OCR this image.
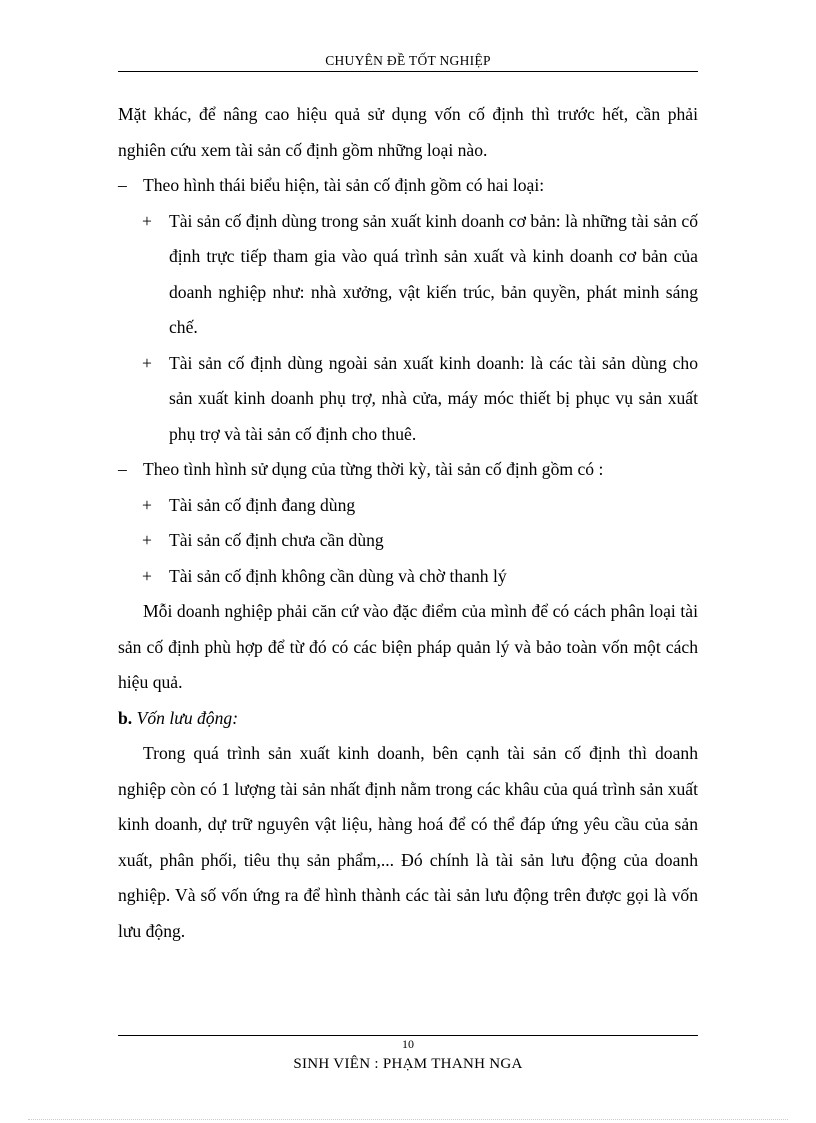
CHUYÊN ĐỀ TỐT NGHIỆP

Mặt khác, để nâng cao hiệu quả sử dụng vốn cố định thì trước hết, cần phải nghiên cứu xem tài sản cố định gồm những loại nào.

– Theo hình thái biểu hiện, tài sản cố định gồm có hai loại:
+ Tài sản cố định dùng trong sản xuất kinh doanh cơ bản: là những tài sản cố định trực tiếp tham gia vào quá trình sản xuất và kinh doanh cơ bản của doanh nghiệp như: nhà xưởng, vật kiến trúc, bản quyền, phát minh sáng chế.
+ Tài sản cố định dùng ngoài sản xuất kinh doanh: là các tài sản dùng cho sản xuất kinh doanh phụ trợ, nhà cửa, máy móc thiết bị phục vụ sản xuất phụ trợ và tài sản cố định cho thuê.
– Theo tình hình sử dụng của từng thời kỳ, tài sản cố định gồm có :
+ Tài sản cố định đang dùng
+ Tài sản cố định chưa cần dùng
+ Tài sản cố định không cần dùng và chờ thanh lý

Mỗi doanh nghiệp phải căn cứ vào đặc điểm của mình để có cách phân loại tài sản cố định phù hợp để từ đó có các biện pháp quản lý và bảo toàn vốn một cách hiệu quả.

b. Vốn lưu động:

Trong quá trình sản xuất kinh doanh, bên cạnh tài sản cố định thì doanh nghiệp còn có 1 lượng tài sản nhất định nằm trong các khâu của quá trình sản xuất kinh doanh, dự trữ nguyên vật liệu, hàng hoá để có thể đáp ứng yêu cầu của sản xuất, phân phối, tiêu thụ sản phẩm,... Đó chính là tài sản lưu động của doanh nghiệp. Và số vốn ứng ra để hình thành các tài sản lưu động trên được gọi là vốn lưu động.

10
SINH VIÊN : PHẠM THANH NGA
